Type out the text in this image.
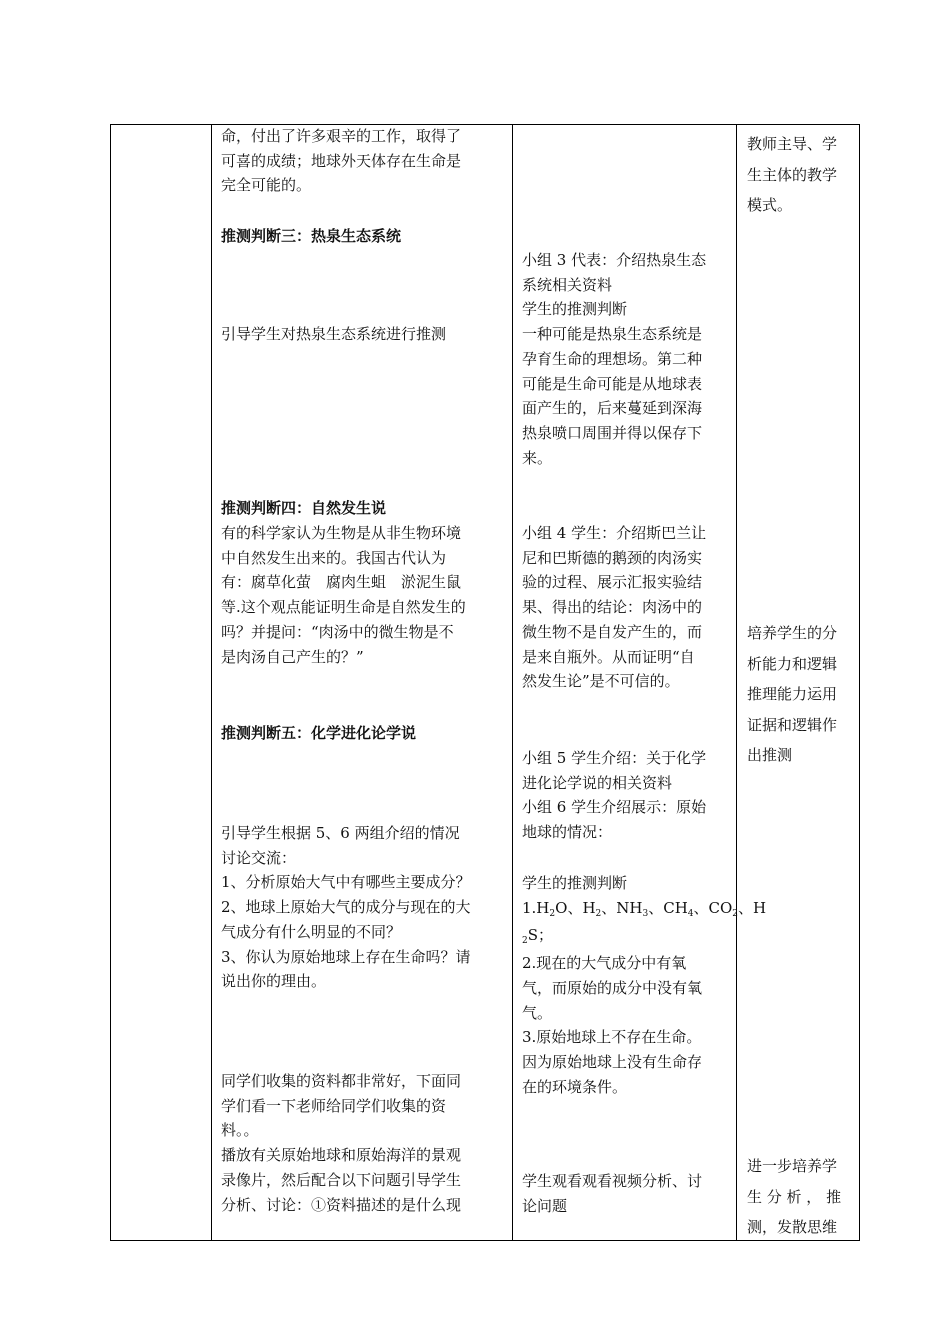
命，付出了许多艰辛的工作，取得了
可喜的成绩；地球外天体存在生命是
完全可能的。
推测判断三：热泉生态系统
引导学生对热泉生态系统进行推测
推测判断四：自然发生说
有的科学家认为生物是从非生物环境
中自然发生出来的。我国古代认为
有：腐草化萤　腐肉生蛆　淤泥生鼠
等.这个观点能证明生命是自然发生的
吗？并提问：“肉汤中的微生物是不
是肉汤自己产生的？”
推测判断五：化学进化论学说
引导学生根据 5、6 两组介绍的情况
讨论交流：
1、分析原始大气中有哪些主要成分？
2、地球上原始大气的成分与现在的大
气成分有什么明显的不同？
3、你认为原始地球上存在生命吗？请
说出你的理由。
同学们收集的资料都非常好，下面同
学们看一下老师给同学们收集的资
料。。
播放有关原始地球和原始海洋的景观
录像片，然后配合以下问题引导学生
分析、讨论：①资料描述的是什么现
小组 3 代表：介绍热泉生态
系统相关资料
学生的推测判断
一种可能是热泉生态系统是
孕育生命的理想场。第二种
可能是生命可能是从地球表
面产生的，后来蔓延到深海
热泉喷口周围并得以保存下
来。
小组 4 学生：介绍斯巴兰让
尼和巴斯德的鹅颈的肉汤实
验的过程、展示汇报实验结
果、得出的结论：肉汤中的
微生物不是自发产生的，而
是来自瓶外。从而证明“自
然发生论”是不可信的。
小组 5 学生介绍：关于化学
进化论学说的相关资料
小组 6 学生介绍展示：原始
地球的情况：
学生的推测判断
$1.H_2O$、$H_2$、$NH_3$、$CH_4$、$CO_2$、H
$_2$S；
2.现在的大气成分中有氧
气，而原始的成分中没有氧
气。
3.原始地球上不存在生命。
因为原始地球上没有生命存
在的环境条件。
学生观看观看视频分析、讨
论问题
教师主导、学
生主体的教学
模式。
培养学生的分
析能力和逻辑
推理能力运用
证据和逻辑作
出推测
进一步培养学
生 分 析 ， 推
测，发散思维
